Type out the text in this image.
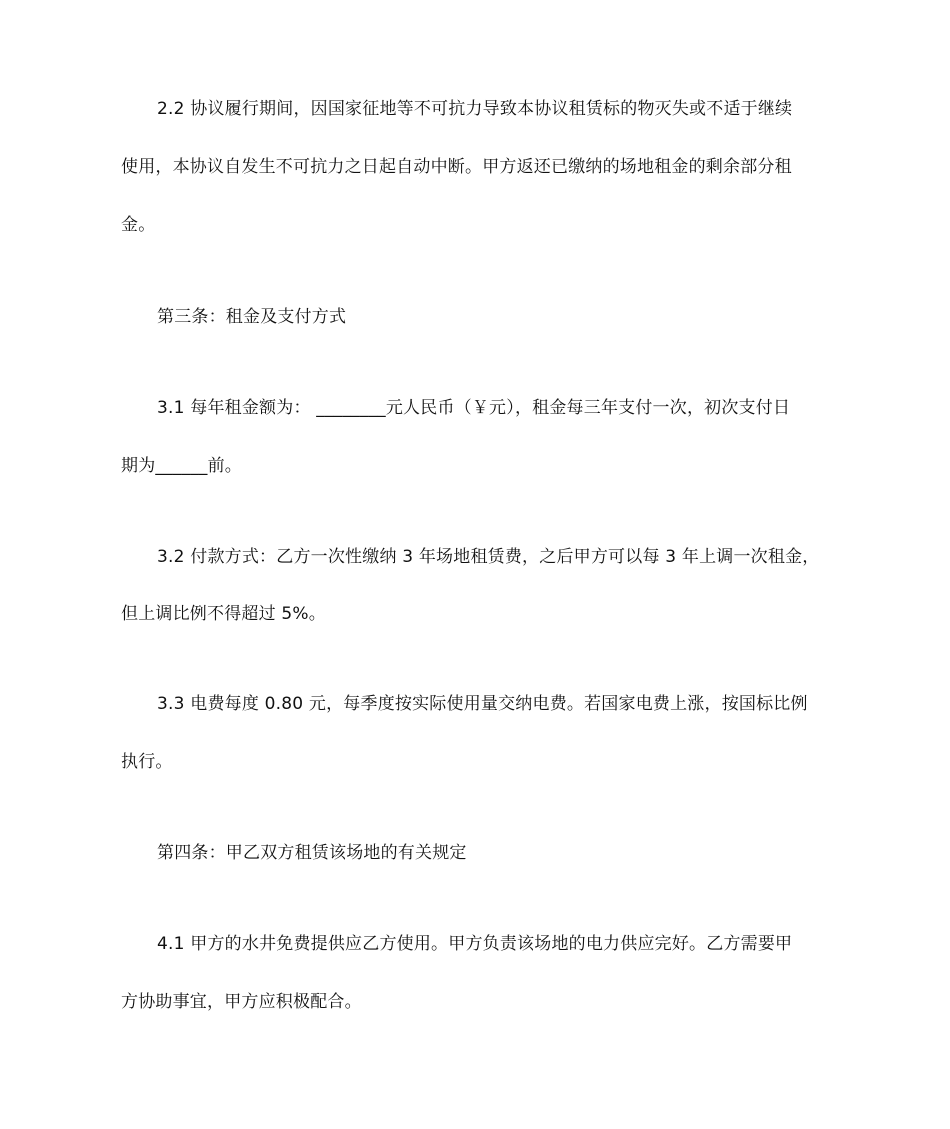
2.2 协议履行期间，因国家征地等不可抗力导致本协议租赁标的物灭失或不适于继续
使用，本协议自发生不可抗力之日起自动中断。甲方返还已缴纳的场地租金的剩余部分租
金。
第三条：租金及支付方式
3.1 每年租金额为： ________元人民币（￥元），租金每三年支付一次，初次支付日
期为______前。
3.2 付款方式：乙方一次性缴纳 3 年场地租赁费，之后甲方可以每 3 年上调一次租金，
但上调比例不得超过 5%。
3.3 电费每度 0.80 元，每季度按实际使用量交纳电费。若国家电费上涨，按国标比例
执行。
第四条：甲乙双方租赁该场地的有关规定
4.1 甲方的水井免费提供应乙方使用。甲方负责该场地的电力供应完好。乙方需要甲
方协助事宜，甲方应积极配合。
